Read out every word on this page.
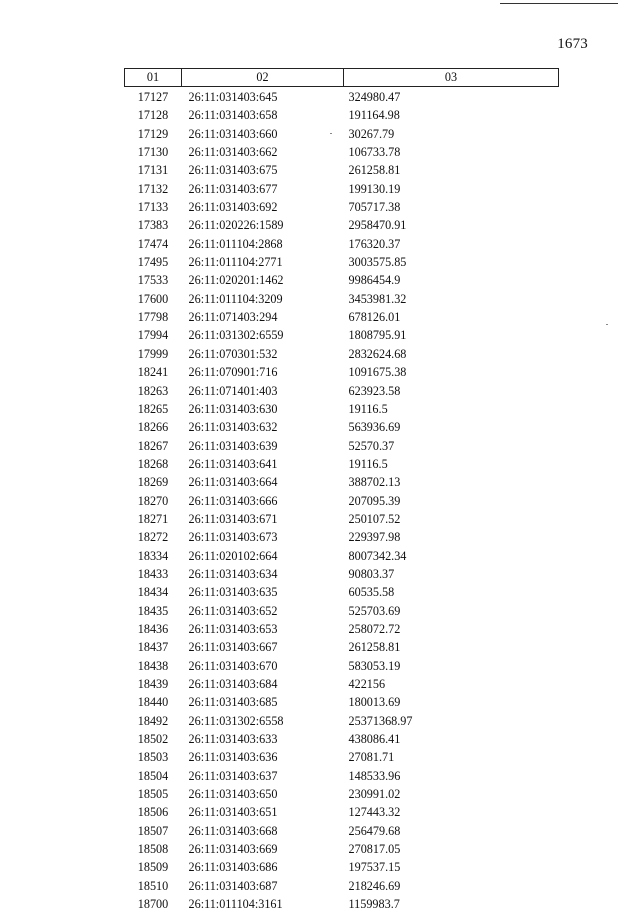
1673
01	02	03
17127	26:11:031403:645	324980.47
17128	26:11:031403:658	191164.98
17129	26:11:031403:660	30267.79
17130	26:11:031403:662	106733.78
17131	26:11:031403:675	261258.81
17132	26:11:031403:677	199130.19
17133	26:11:031403:692	705717.38
17383	26:11:020226:1589	2958470.91
17474	26:11:011104:2868	176320.37
17495	26:11:011104:2771	3003575.85
17533	26:11:020201:1462	9986454.9
17600	26:11:011104:3209	3453981.32
17798	26:11:071403:294	678126.01
17994	26:11:031302:6559	1808795.91
17999	26:11:070301:532	2832624.68
18241	26:11:070901:716	1091675.38
18263	26:11:071401:403	623923.58
18265	26:11:031403:630	19116.5
18266	26:11:031403:632	563936.69
18267	26:11:031403:639	52570.37
18268	26:11:031403:641	19116.5
18269	26:11:031403:664	388702.13
18270	26:11:031403:666	207095.39
18271	26:11:031403:671	250107.52
18272	26:11:031403:673	229397.98
18334	26:11:020102:664	8007342.34
18433	26:11:031403:634	90803.37
18434	26:11:031403:635	60535.58
18435	26:11:031403:652	525703.69
18436	26:11:031403:653	258072.72
18437	26:11:031403:667	261258.81
18438	26:11:031403:670	583053.19
18439	26:11:031403:684	422156
18440	26:11:031403:685	180013.69
18492	26:11:031302:6558	25371368.97
18502	26:11:031403:633	438086.41
18503	26:11:031403:636	27081.71
18504	26:11:031403:637	148533.96
18505	26:11:031403:650	230991.02
18506	26:11:031403:651	127443.32
18507	26:11:031403:668	256479.68
18508	26:11:031403:669	270817.05
18509	26:11:031403:686	197537.15
18510	26:11:031403:687	218246.69
18700	26:11:011104:3161	1159983.7
